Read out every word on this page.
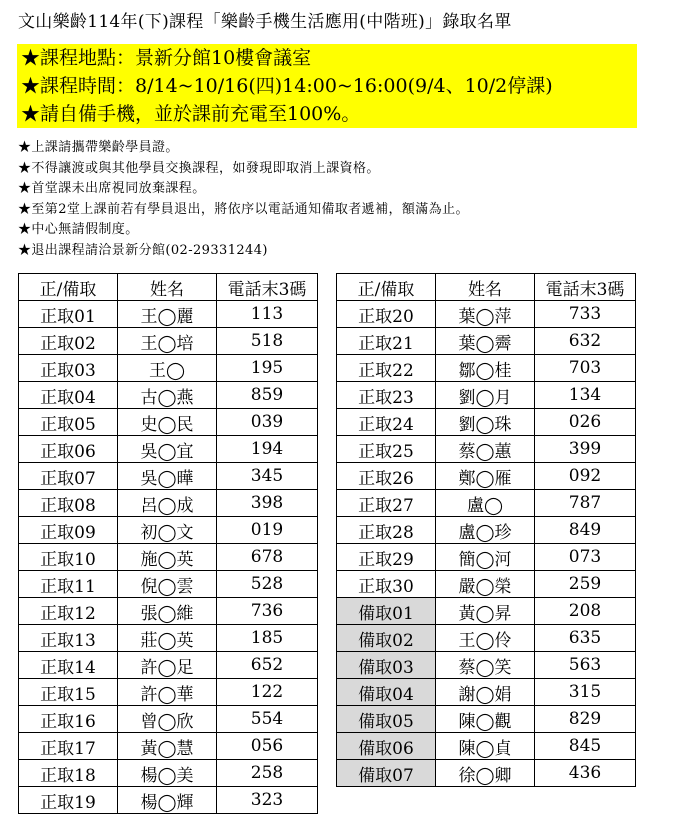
文山樂齡114年(下)課程「樂齡手機生活應用(中階班)」錄取名單
★課程地點：景新分館10樓會議室
★課程時間：8/14~10/16(四)14:00~16:00(9/4、10/2停課)
★請自備手機，並於課前充電至100%。
★上課請攜帶樂齡學員證。
★不得讓渡或與其他學員交換課程，如發現即取消上課資格。
★首堂課未出席視同放棄課程。
★至第2堂上課前若有學員退出，將依序以電話通知備取者遞補，額滿為止。
★中心無請假制度。
★退出課程請洽景新分館(02-29331244)
正/備取	姓名	電話末3碼
正取01	王◯麗	113
正取02	王◯培	518
正取03	王◯	195
正取04	古◯燕	859
正取05	史◯民	039
正取06	吳◯宜	194
正取07	吳◯曄	345
正取08	呂◯成	398
正取09	初◯文	019
正取10	施◯英	678
正取11	倪◯雲	528
正取12	張◯維	736
正取13	莊◯英	185
正取14	許◯足	652
正取15	許◯華	122
正取16	曾◯欣	554
正取17	黃◯慧	056
正取18	楊◯美	258
正取19	楊◯輝	323
正/備取	姓名	電話末3碼
正取20	葉◯萍	733
正取21	葉◯霽	632
正取22	鄒◯桂	703
正取23	劉◯月	134
正取24	劉◯珠	026
正取25	蔡◯蕙	399
正取26	鄭◯雁	092
正取27	盧◯	787
正取28	盧◯珍	849
正取29	簡◯河	073
正取30	嚴◯榮	259
備取01	黃◯昇	208
備取02	王◯伶	635
備取03	蔡◯笑	563
備取04	謝◯娟	315
備取05	陳◯觀	829
備取06	陳◯貞	845
備取07	徐◯卿	436
